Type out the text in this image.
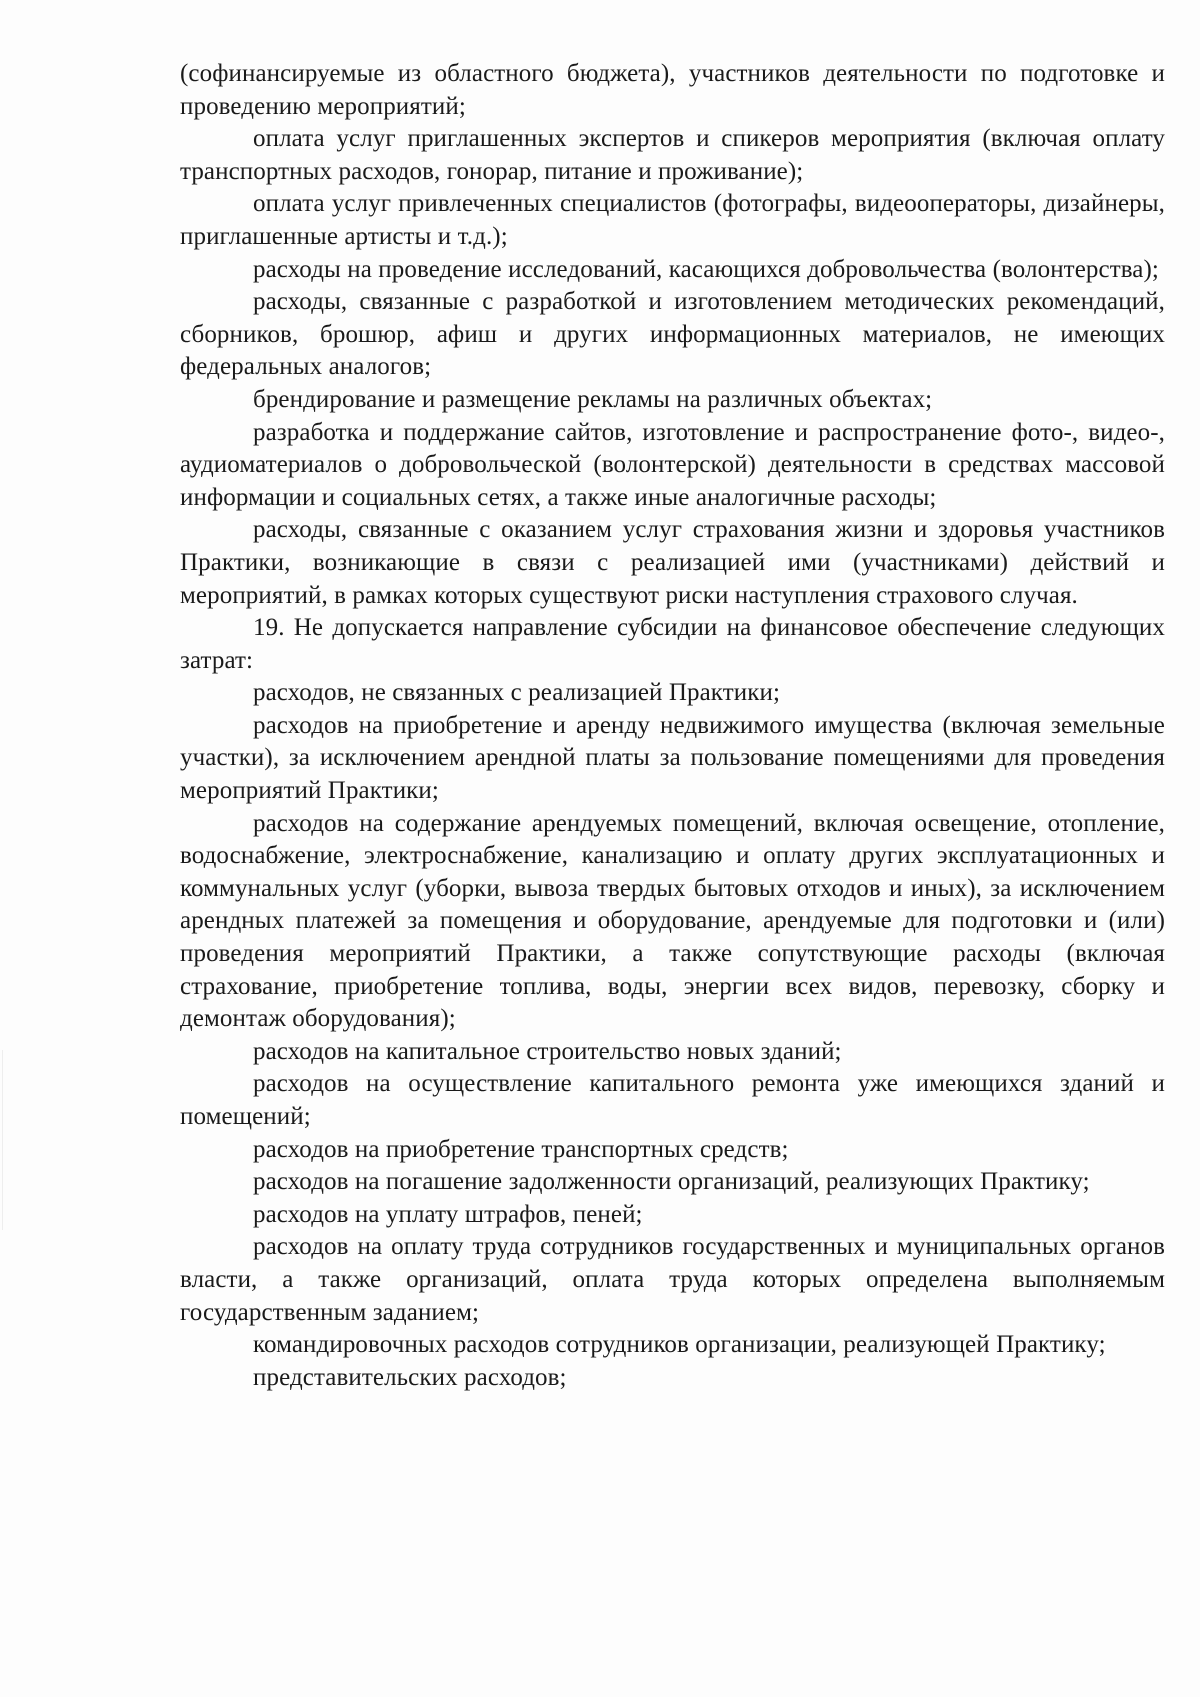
(софинансируемые из областного бюджета), участников деятельности по подготовке и проведению мероприятий;

оплата услуг приглашенных экспертов и спикеров мероприятия (включая оплату транспортных расходов, гонорар, питание и проживание);

оплата услуг привлеченных специалистов (фотографы, видеооператоры, дизайнеры, приглашенные артисты и т.д.);

расходы на проведение исследований, касающихся добровольчества (волонтерства);

расходы, связанные с разработкой и изготовлением методических рекомендаций, сборников, брошюр, афиш и других информационных материалов, не имеющих федеральных аналогов;

брендирование и размещение рекламы на различных объектах;

разработка и поддержание сайтов, изготовление и распространение фото-, видео-, аудиоматериалов о добровольческой (волонтерской) деятельности в средствах массовой информации и социальных сетях, а также иные аналогичные расходы;

расходы, связанные с оказанием услуг страхования жизни и здоровья участников Практики, возникающие в связи с реализацией ими (участниками) действий и мероприятий, в рамках которых существуют риски наступления страхового случая.

19. Не допускается направление субсидии на финансовое обеспечение следующих затрат:

расходов, не связанных с реализацией Практики;

расходов на приобретение и аренду недвижимого имущества (включая земельные участки), за исключением арендной платы за пользование помещениями для проведения мероприятий Практики;

расходов на содержание арендуемых помещений, включая освещение, отопление, водоснабжение, электроснабжение, канализацию и оплату других эксплуатационных и коммунальных услуг (уборки, вывоза твердых бытовых отходов и иных), за исключением арендных платежей за помещения и оборудование, арендуемые для подготовки и (или) проведения мероприятий Практики, а также сопутствующие расходы (включая страхование, приобретение топлива, воды, энергии всех видов, перевозку, сборку и демонтаж оборудования);

расходов на капитальное строительство новых зданий;

расходов на осуществление капитального ремонта уже имеющихся зданий и помещений;

расходов на приобретение транспортных средств;

расходов на погашение задолженности организаций, реализующих Практику;

расходов на уплату штрафов, пеней;

расходов на оплату труда сотрудников государственных и муниципальных органов власти, а также организаций, оплата труда которых определена выполняемым государственным заданием;

командировочных расходов сотрудников организации, реализующей Практику;

представительских расходов;
